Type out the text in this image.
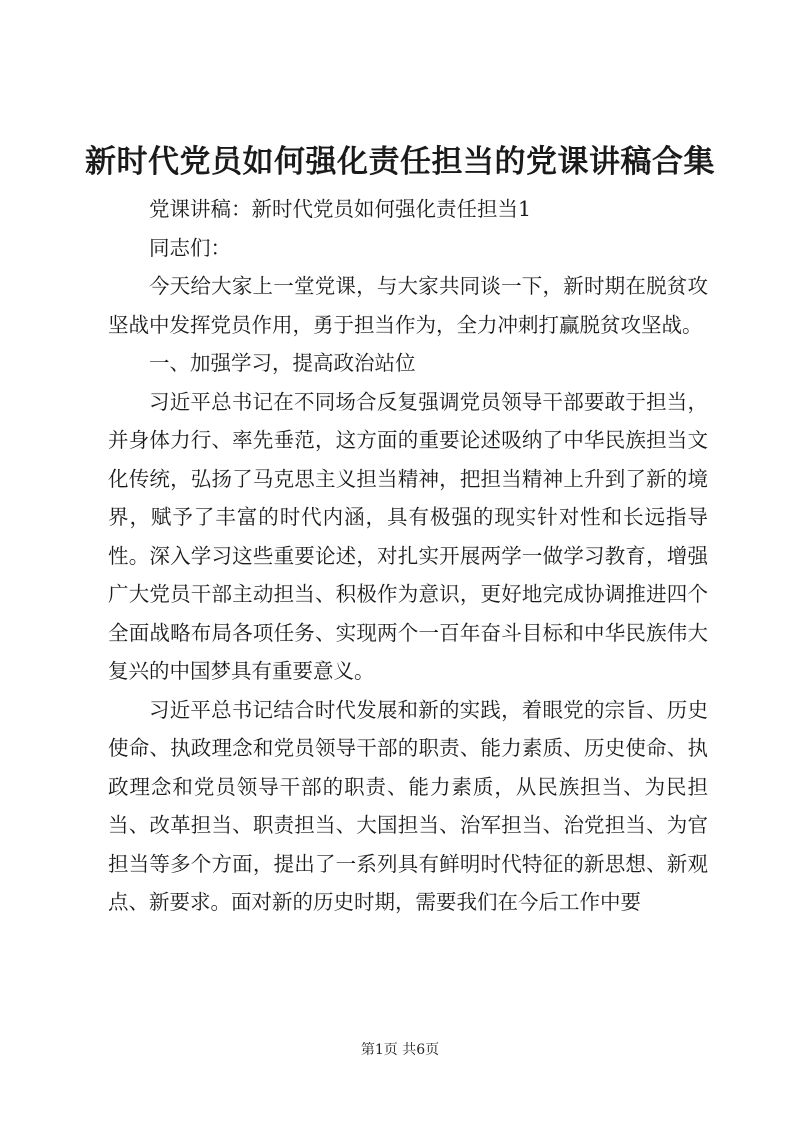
新时代党员如何强化责任担当的党课讲稿合集

党课讲稿：新时代党员如何强化责任担当1

同志们：

今天给大家上一堂党课，与大家共同谈一下，新时期在脱贫攻坚战中发挥党员作用，勇于担当作为，全力冲刺打赢脱贫攻坚战。

一、加强学习，提高政治站位

习近平总书记在不同场合反复强调党员领导干部要敢于担当，并身体力行、率先垂范，这方面的重要论述吸纳了中华民族担当文化传统，弘扬了马克思主义担当精神，把担当精神上升到了新的境界，赋予了丰富的时代内涵，具有极强的现实针对性和长远指导性。深入学习这些重要论述，对扎实开展两学一做学习教育，增强广大党员干部主动担当、积极作为意识，更好地完成协调推进四个全面战略布局各项任务、实现两个一百年奋斗目标和中华民族伟大复兴的中国梦具有重要意义。

习近平总书记结合时代发展和新的实践，着眼党的宗旨、历史使命、执政理念和党员领导干部的职责、能力素质、历史使命、执政理念和党员领导干部的职责、能力素质，从民族担当、为民担当、改革担当、职责担当、大国担当、治军担当、治党担当、为官担当等多个方面，提出了一系列具有鲜明时代特征的新思想、新观点、新要求。面对新的历史时期，需要我们在今后工作中要

第1页 共6页
